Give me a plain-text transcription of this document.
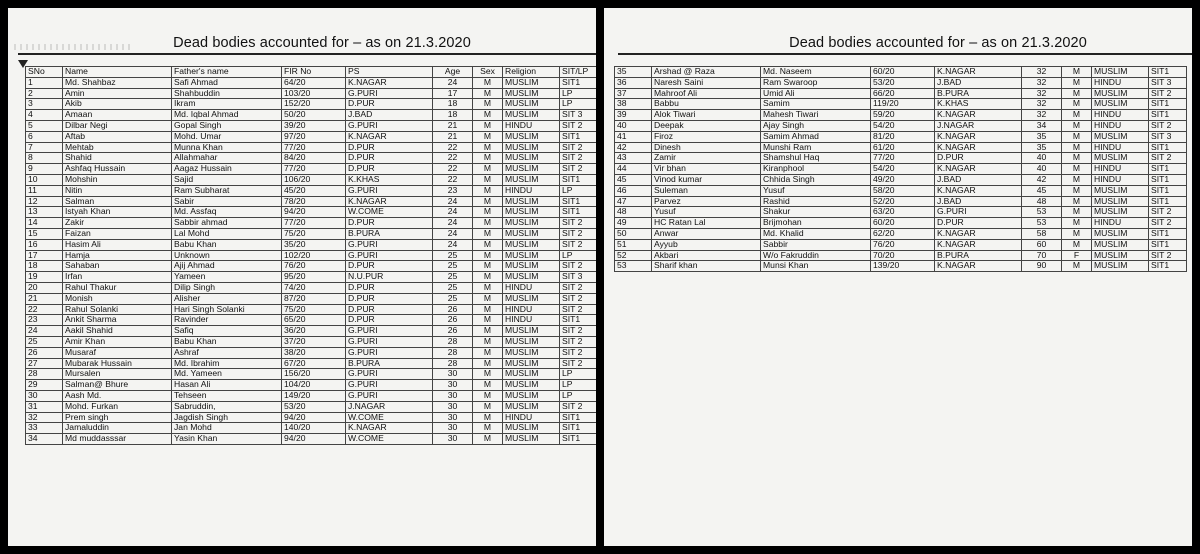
Dead bodies accounted for – as on 21.3.2020
SNo	Name	Father's name	FIR No	PS	Age	Sex	Religion	SIT/LP
1	Md. Shahbaz	Safi Ahmad	64/20	K.NAGAR	24	M	MUSLIM	SIT1
2	Amin	Shahbuddin	103/20	G.PURI	17	M	MUSLIM	LP
3	Akib	Ikram	152/20	D.PUR	18	M	MUSLIM	LP
4	Amaan	Md. Iqbal Ahmad	50/20	J.BAD	18	M	MUSLIM	SIT 3
5	Dilbar Negi	Gopal Singh	39/20	G.PURI	21	M	HINDU	SIT 2
6	Aftab	Mohd. Umar	97/20	K.NAGAR	21	M	MUSLIM	SIT1
7	Mehtab	Munna Khan	77/20	D.PUR	22	M	MUSLIM	SIT 2
8	Shahid	Allahmahar	84/20	D.PUR	22	M	MUSLIM	SIT 2
9	Ashfaq Hussain	Aagaz Hussain	77/20	D.PUR	22	M	MUSLIM	SIT 2
10	Mohshin	Sajid	106/20	K.KHAS	22	M	MUSLIM	SIT1
11	Nitin	Ram Subharat	45/20	G.PURI	23	M	HINDU	LP
12	Salman	Sabir	78/20	K.NAGAR	24	M	MUSLIM	SIT1
13	Istyah Khan	Md. Assfaq	94/20	W.COME	24	M	MUSLIM	SIT1
14	Zakir	Sabbir ahmad	77/20	D.PUR	24	M	MUSLIM	SIT 2
15	Faizan	Lal Mohd	75/20	B.PURA	24	M	MUSLIM	SIT 2
16	Hasim Ali	Babu Khan	35/20	G.PURI	24	M	MUSLIM	SIT 2
17	Hamja	Unknown	102/20	G.PURI	25	M	MUSLIM	LP
18	Sahaban	Ajij Ahmad	76/20	D.PUR	25	M	MUSLIM	SIT 2
19	Irfan	Yameen	95/20	N.U.PUR	25	M	MUSLIM	SIT 3
20	Rahul Thakur	Dilip Singh	74/20	D.PUR	25	M	HINDU	SIT 2
21	Monish	Alisher	87/20	D.PUR	25	M	MUSLIM	SIT 2
22	Rahul Solanki	Hari Singh Solanki	75/20	D.PUR	26	M	HINDU	SIT 2
23	Ankit Sharma	Ravinder	65/20	D.PUR	26	M	HINDU	SIT1
24	Aakil Shahid	Safiq	36/20	G.PURI	26	M	MUSLIM	SIT 2
25	Amir Khan	Babu Khan	37/20	G.PURI	28	M	MUSLIM	SIT 2
26	Musaraf	Ashraf	38/20	G.PURI	28	M	MUSLIM	SIT 2
27	Mubarak Hussain	Md. Ibrahim	67/20	B.PURA	28	M	MUSLIM	SIT 2
28	Mursalen	Md. Yameen	156/20	G.PURI	30	M	MUSLIM	LP
29	Salman@ Bhure	Hasan Ali	104/20	G.PURI	30	M	MUSLIM	LP
30	Aash Md.	Tehseen	149/20	G.PURI	30	M	MUSLIM	LP
31	Mohd. Furkan	Sabruddin,	53/20	J.NAGAR	30	M	MUSLIM	SIT 2
32	Prem singh	Jagdish Singh	94/20	W.COME	30	M	HINDU	SIT1
33	Jamaluddin	Jan Mohd	140/20	K.NAGAR	30	M	MUSLIM	SIT1
34	Md muddasssar	Yasin Khan	94/20	W.COME	30	M	MUSLIM	SIT1
Dead bodies accounted for – as on 21.3.2020
35	Arshad @ Raza	Md. Naseem	60/20	K.NAGAR	32	M	MUSLIM	SIT1
36	Naresh Saini	Ram Swaroop	53/20	J.BAD	32	M	HINDU	SIT 3
37	Mahroof Ali	Umid Ali	66/20	B.PURA	32	M	MUSLIM	SIT 2
38	Babbu	Samim	119/20	K.KHAS	32	M	MUSLIM	SIT1
39	Alok Tiwari	Mahesh Tiwari	59/20	K.NAGAR	32	M	HINDU	SIT1
40	Deepak	Ajay Singh	54/20	J.NAGAR	34	M	HINDU	SIT 2
41	Firoz	Samim Ahmad	81/20	K.NAGAR	35	M	MUSLIM	SIT 3
42	Dinesh	Munshi Ram	61/20	K.NAGAR	35	M	HINDU	SIT1
43	Zamir	Shamshul Haq	77/20	D.PUR	40	M	MUSLIM	SIT 2
44	Vir bhan	Kiranphool	54/20	K.NAGAR	40	M	HINDU	SIT1
45	Vinod kumar	Chhida Singh	49/20	J.BAD	42	M	HINDU	SIT1
46	Suleman	Yusuf	58/20	K.NAGAR	45	M	MUSLIM	SIT1
47	Parvez	Rashid	52/20	J.BAD	48	M	MUSLIM	SIT1
48	Yusuf	Shakur	63/20	G.PURI	53	M	MUSLIM	SIT 2
49	HC Ratan Lal	Brijmohan	60/20	D.PUR	53	M	HINDU	SIT 2
50	Anwar	Md. Khalid	62/20	K.NAGAR	58	M	MUSLIM	SIT1
51	Ayyub	Sabbir	76/20	K.NAGAR	60	M	MUSLIM	SIT1
52	Akbari	W/o Fakruddin	70/20	B.PURA	70	F	MUSLIM	SIT 2
53	Sharif khan	Munsi Khan	139/20	K.NAGAR	90	M	MUSLIM	SIT1
